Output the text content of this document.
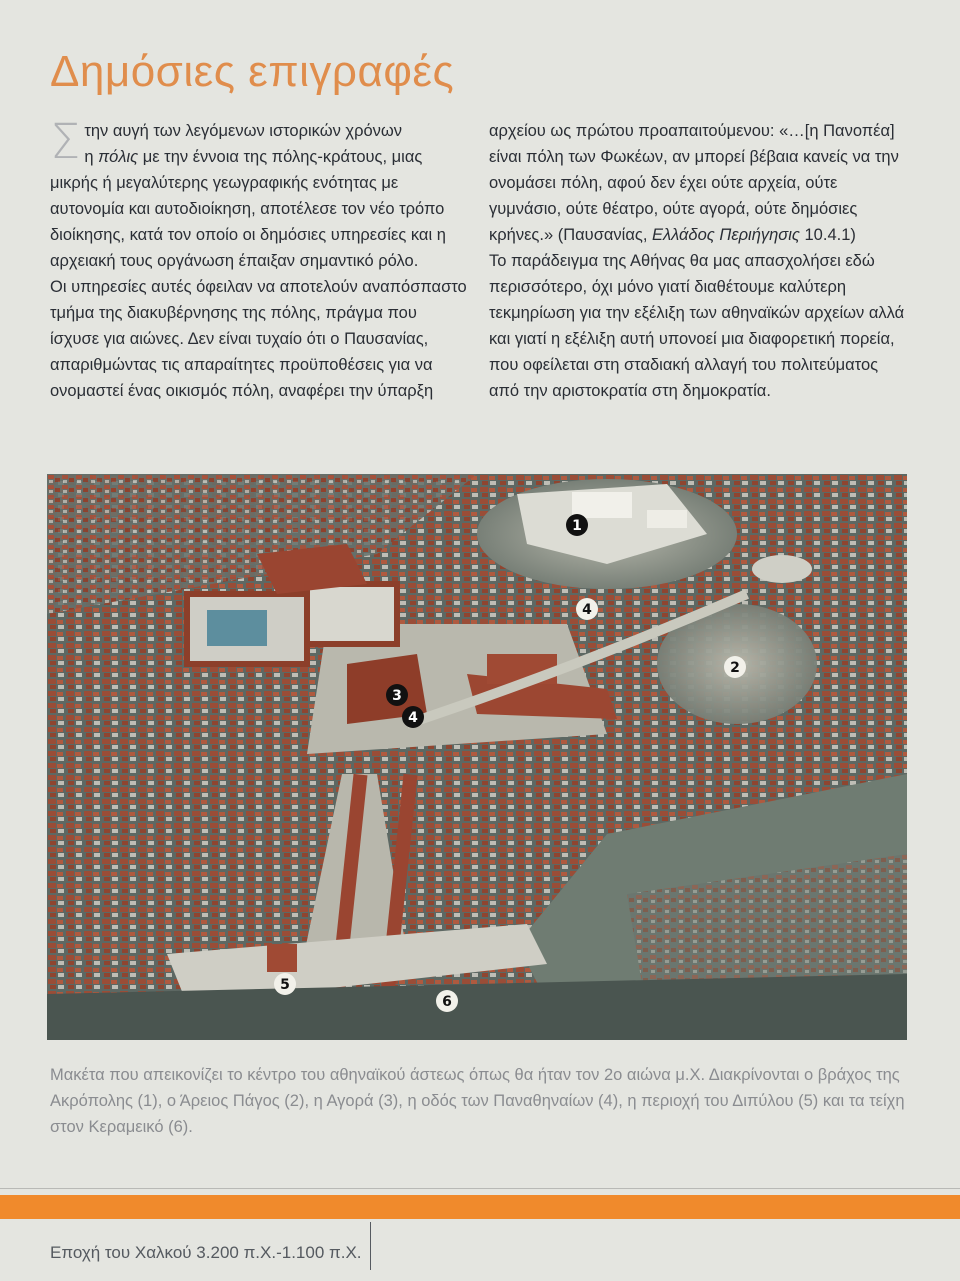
Δημόσιες επιγραφές
Σ την αυγή των λεγόμενων ιστορικών χρόνων
η πόλις με την έννοια της πόλης-κράτους, μιας μικρής ή μεγαλύτερης γεωγραφικής ενότητας με αυτονομία και αυτοδιοίκηση, αποτέλεσε τον νέο τρόπο διοίκησης, κατά τον οποίο οι δημόσιες υπηρεσίες και η αρχειακή τους οργάνωση έπαιξαν σημαντικό ρόλο.

Οι υπηρεσίες αυτές όφειλαν να αποτελούν αναπόσπαστο τμήμα της διακυβέρνησης της πόλης, πράγμα που ίσχυσε για αιώνες. Δεν είναι τυχαίο ότι ο Παυσανίας, απαριθμώντας τις απαραίτητες προϋποθέσεις για να ονομαστεί ένας οικισμός πόλη, αναφέρει την ύπαρξη

αρχείου ως πρώτου προαπαιτούμενου: «…[η Πανοπέα] είναι πόλη των Φωκέων, αν μπορεί βέβαια κανείς να την ονομάσει πόλη, αφού δεν έχει ούτε αρχεία, ούτε γυμνάσιο, ούτε θέατρο, ούτε αγορά, ούτε δημόσιες κρήνες.» (Παυσανίας, Ελλάδος Περιήγησις 10.4.1)

Το παράδειγμα της Αθήνας θα μας απασχολήσει εδώ περισσότερο, όχι μόνο γιατί διαθέτουμε καλύτερη τεκμηρίωση για την εξέλιξη των αθηναϊκών αρχείων αλλά και γιατί η εξέλιξη αυτή υπονοεί μια διαφορετική πορεία, που οφείλεται στη σταδιακή αλλαγή του πολιτεύματος από την αριστοκρατία στη δημοκρατία.

1
2
3
4
4
5
6

Μακέτα που απεικονίζει το κέντρο του αθηναϊκού άστεως όπως θα ήταν τον 2ο αιώνα μ.Χ. Διακρίνονται ο βράχος της Ακρόπολης (1), ο Άρειος Πάγος (2), η Αγορά (3), η οδός των Παναθηναίων (4), η περιοχή του Διπύλου (5) και τα τείχη στον Κεραμεικό (6).

Εποχή του Χαλκού 3.200 π.Χ.-1.100 π.Χ.
